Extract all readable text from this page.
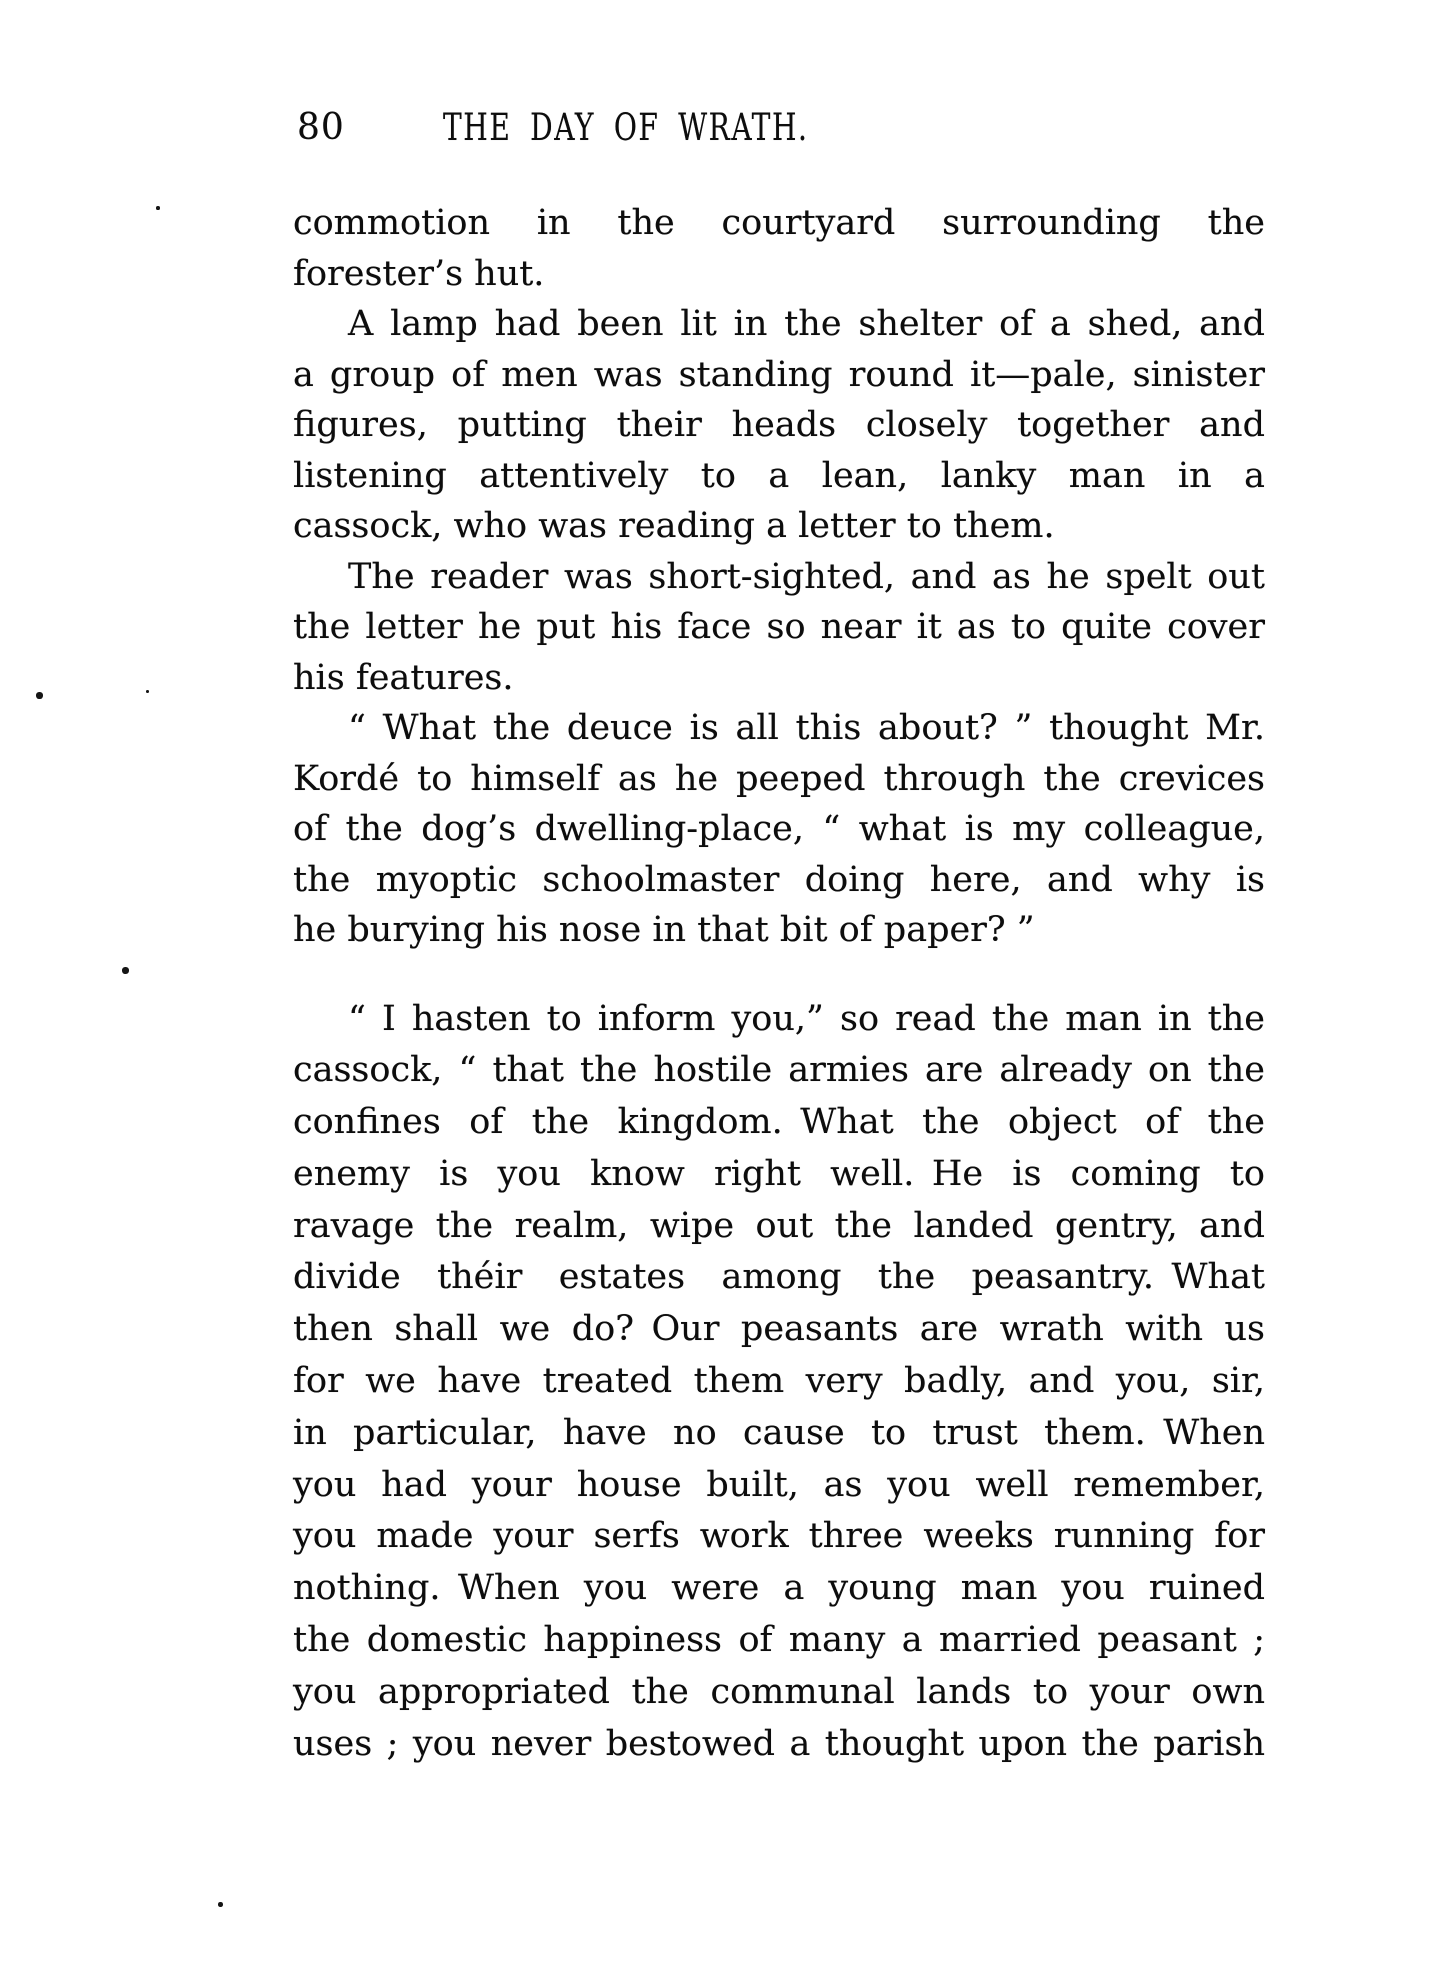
80	THE DAY OF WRATH.
commotion in the courtyard surrounding the
forester’s hut.
A lamp had been lit in the shelter of a shed, and
a group of men was standing round it—pale, sinister
figures, putting their heads closely together and
listening attentively to a lean, lanky man in a
cassock, who was reading a letter to them.
The reader was short-sighted, and as he spelt out
the letter he put his face so near it as to quite cover
his features.
“ What the deuce is all this about? ” thought Mr.
Kordé to himself as he peeped through the crevices
of the dog’s dwelling-place, “ what is my colleague,
the myoptic schoolmaster doing here, and why is
he burying his nose in that bit of paper? ”
“ I hasten to inform you,” so read the man in the
cassock, “ that the hostile armies are already on the
confines of the kingdom. What the object of the
enemy is you know right well. He is coming to
ravage the realm, wipe out the landed gentry, and
divide théir estates among the peasantry. What
then shall we do? Our peasants are wrath with us
for we have treated them very badly, and you, sir,
in particular, have no cause to trust them. When
you had your house built, as you well remember,
you made your serfs work three weeks running for
nothing. When you were a young man you ruined
the domestic happiness of many a married peasant ;
you appropriated the communal lands to your own
uses ; you never bestowed a thought upon the parish
